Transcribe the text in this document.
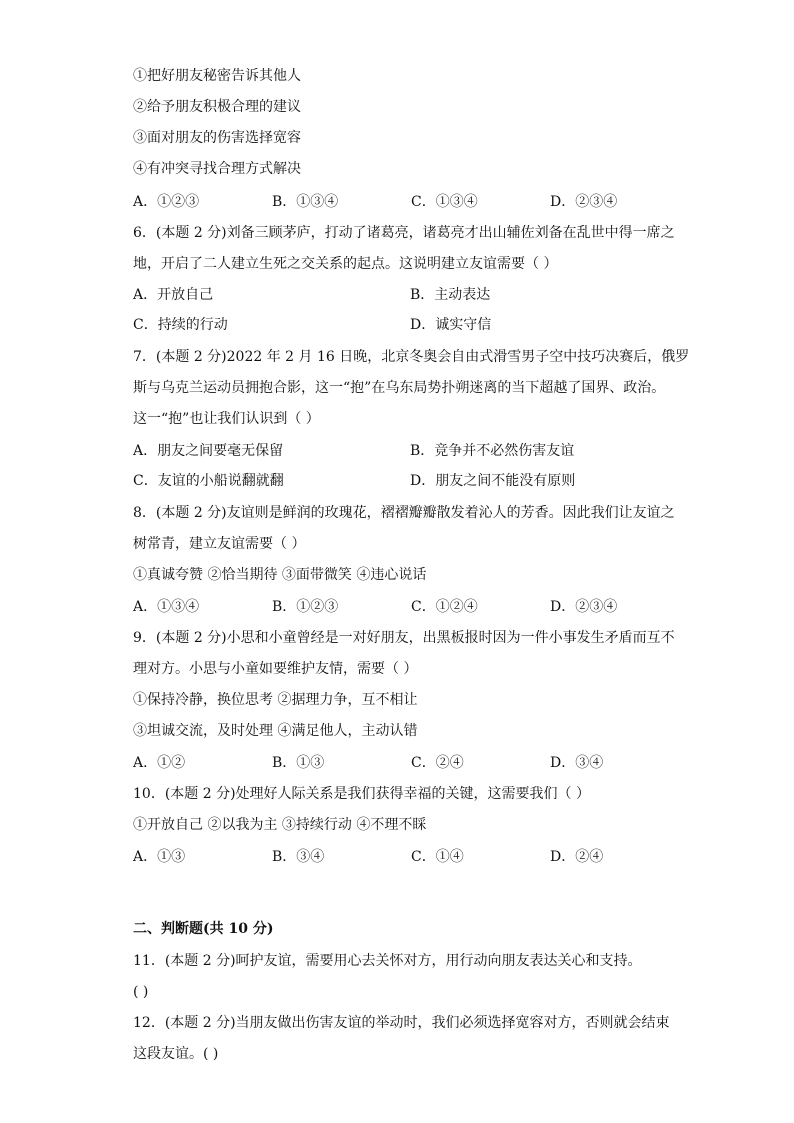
①把好朋友秘密告诉其他人
②给予朋友积极合理的建议
③面对朋友的伤害选择宽容
④有冲突寻找合理方式解决
A．①②③	B．①③④	C．①③④	D．②③④
6．(本题 2 分)刘备三顾茅庐，打动了诸葛亮，诸葛亮才出山辅佐刘备在乱世中得一席之
地，开启了二人建立生死之交关系的起点。这说明建立友谊需要（ ）
A．开放自己	B．主动表达
C．持续的行动	D．诚实守信
7．(本题 2 分)2022 年 2 月 16 日晚，北京冬奥会自由式滑雪男子空中技巧决赛后，俄罗
斯与乌克兰运动员拥抱合影，这一“抱”在乌东局势扑朔迷离的当下超越了国界、政治。
这一“抱”也让我们认识到（ ）
A．朋友之间要毫无保留	B．竞争并不必然伤害友谊
C．友谊的小船说翻就翻	D．朋友之间不能没有原则
8．(本题 2 分)友谊则是鲜润的玫瑰花，褶褶瓣瓣散发着沁人的芳香。因此我们让友谊之
树常青，建立友谊需要（ ）
①真诚夸赞 ②恰当期待 ③面带微笑 ④违心说话
A．①③④	B．①②③	C．①②④	D．②③④
9．(本题 2 分)小思和小童曾经是一对好朋友，出黑板报时因为一件小事发生矛盾而互不
理对方。小思与小童如要维护友情，需要（ ）
①保持冷静，换位思考 ②据理力争，互不相让
③坦诚交流，及时处理 ④满足他人，主动认错
A．①②	B．①③	C．②④	D．③④
10．(本题 2 分)处理好人际关系是我们获得幸福的关键，这需要我们（ ）
①开放自己 ②以我为主 ③持续行动 ④不理不睬
A．①③	B．③④	C．①④	D．②④
二、判断题(共 10 分)
11．(本题 2 分)呵护友谊，需要用心去关怀对方，用行动向朋友表达关心和支持。
( )
12．(本题 2 分)当朋友做出伤害友谊的举动时，我们必须选择宽容对方，否则就会结束
这段友谊。( )
